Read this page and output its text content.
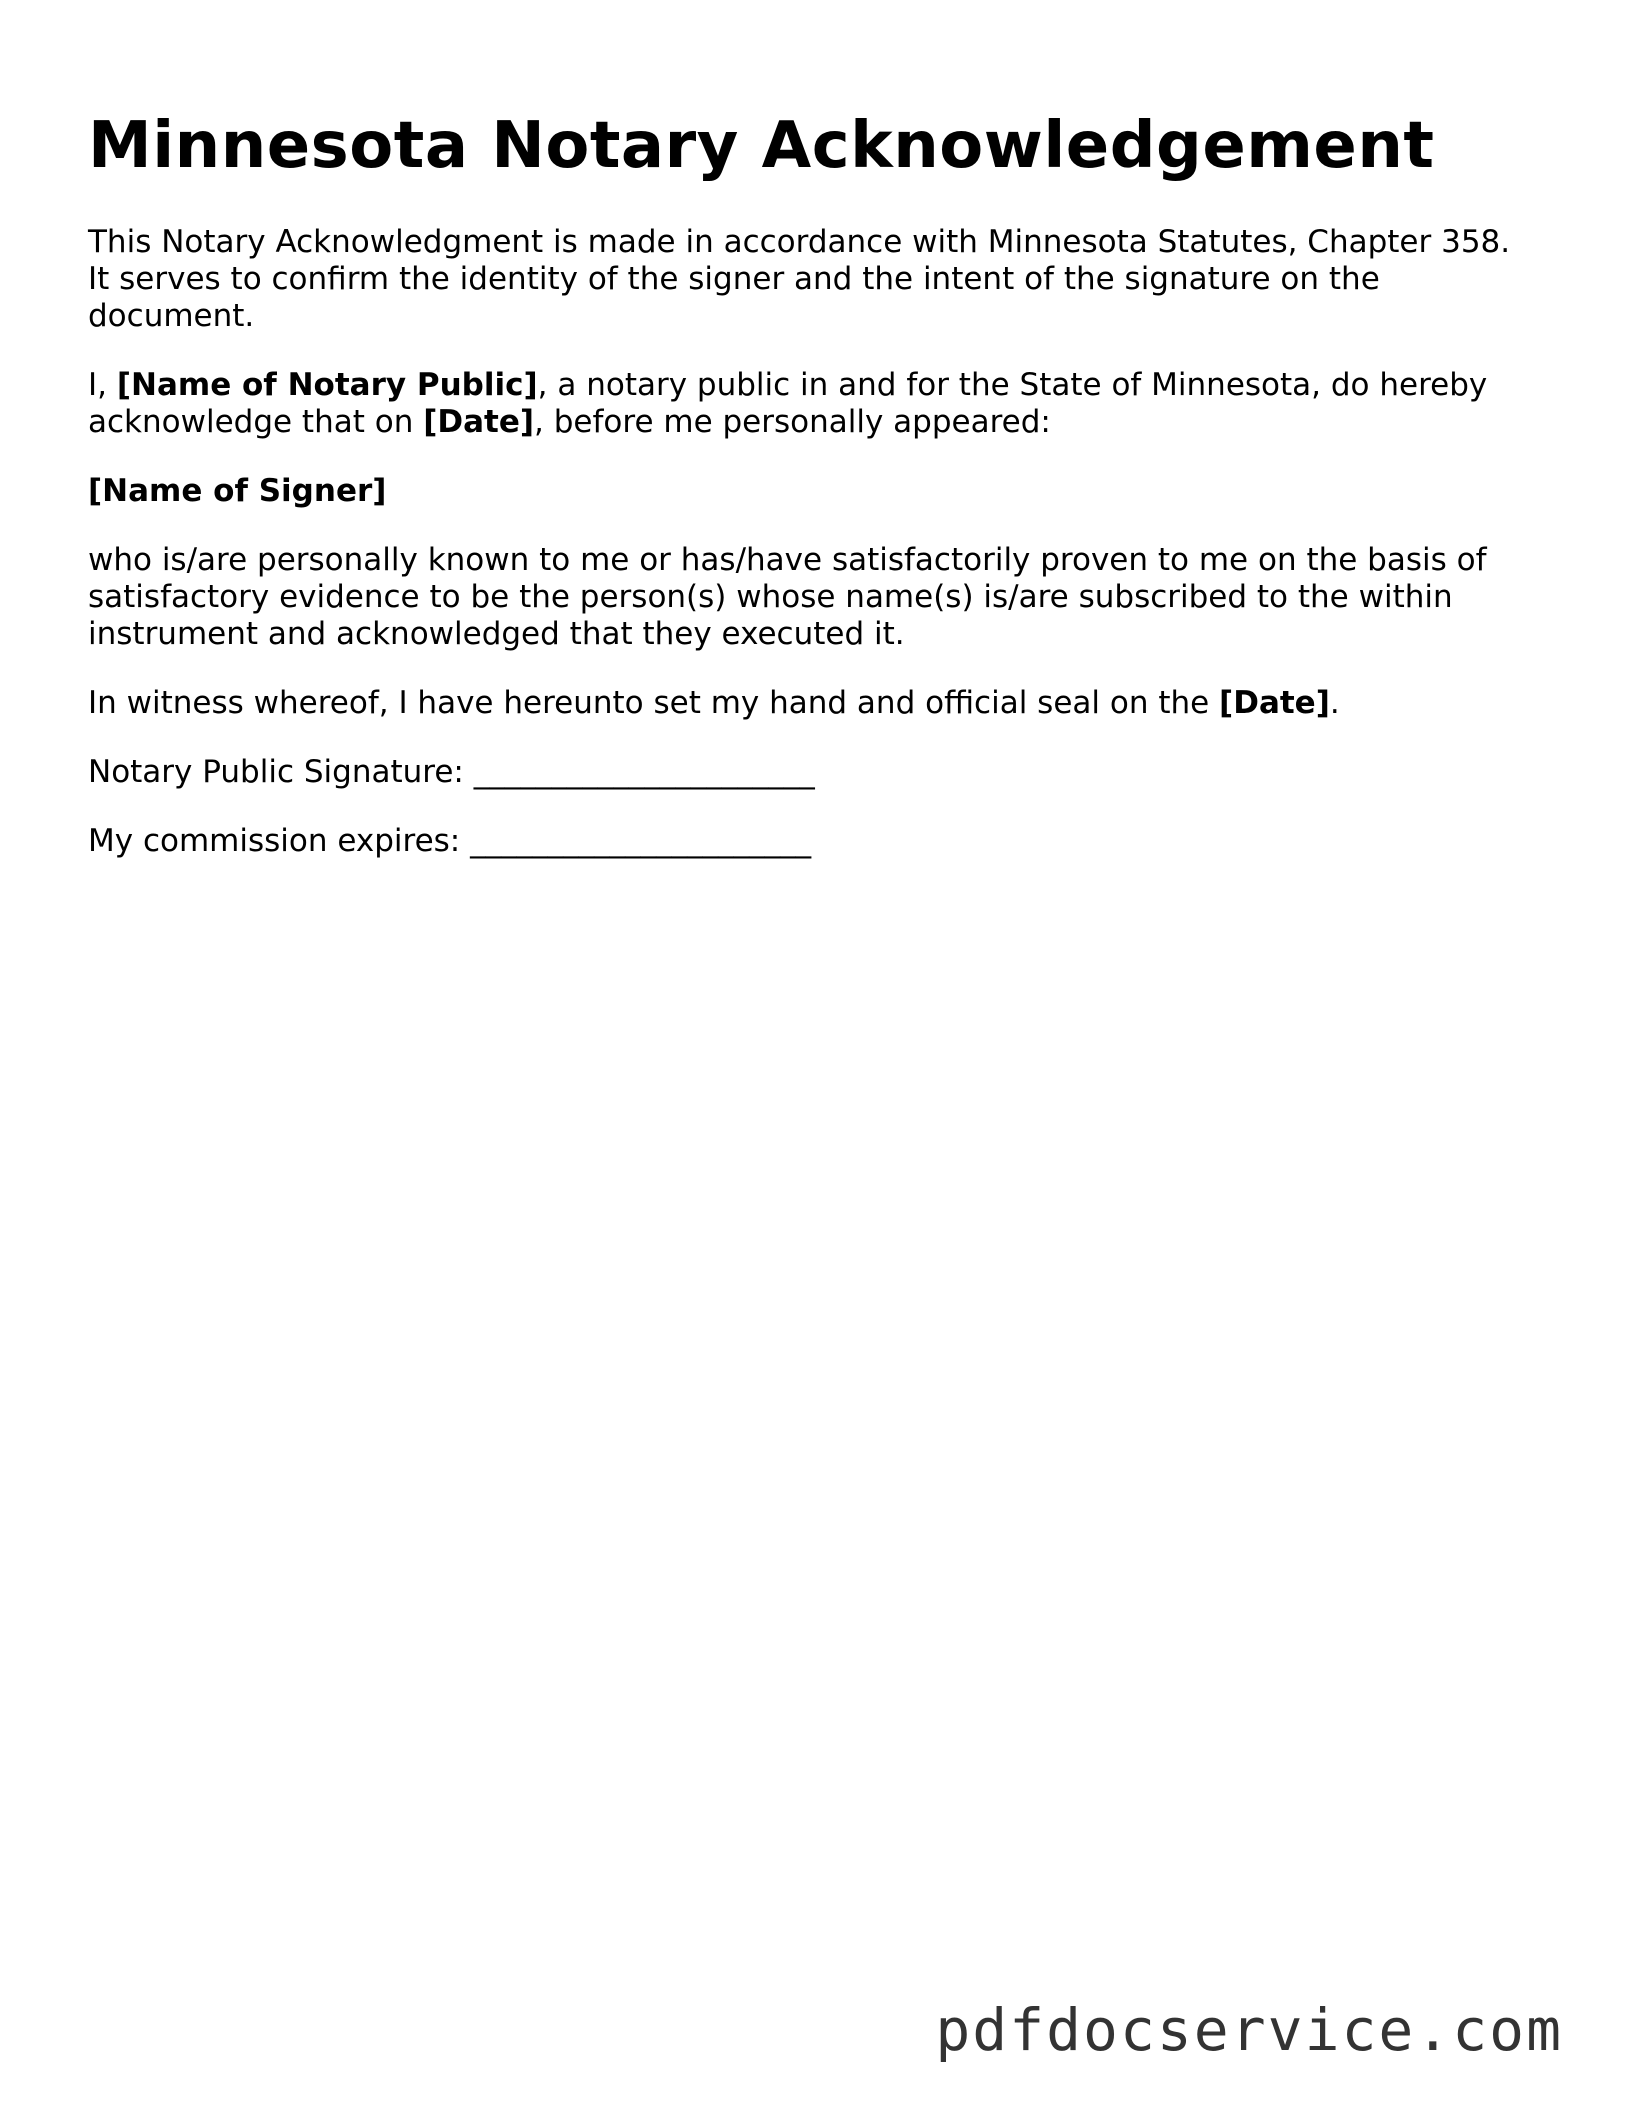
Minnesota Notary Acknowledgement

This Notary Acknowledgment is made in accordance with Minnesota Statutes, Chapter 358. It serves to confirm the identity of the signer and the intent of the signature on the document.

I, [Name of Notary Public], a notary public in and for the State of Minnesota, do hereby acknowledge that on [Date], before me personally appeared:

[Name of Signer]

who is/are personally known to me or has/have satisfactorily proven to me on the basis of satisfactory evidence to be the person(s) whose name(s) is/are subscribed to the within instrument and acknowledged that they executed it.

In witness whereof, I have hereunto set my hand and official seal on the [Date].

Notary Public Signature: ______________________

My commission expires: ______________________

pdfdocservice.com
